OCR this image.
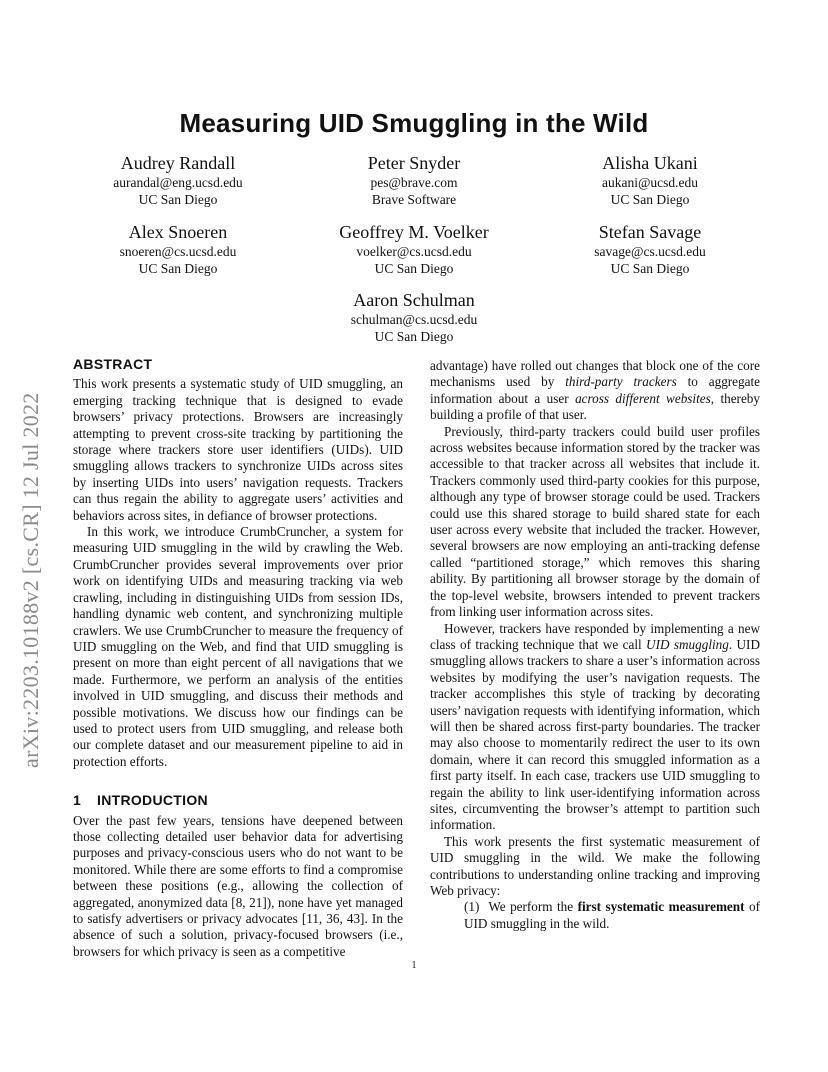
Measuring UID Smuggling in the Wild
Audrey Randall
aurandal@eng.ucsd.edu
UC San Diego
Peter Snyder
pes@brave.com
Brave Software
Alisha Ukani
aukani@ucsd.edu
UC San Diego
Alex Snoeren
snoeren@cs.ucsd.edu
UC San Diego
Geoffrey M. Voelker
voelker@cs.ucsd.edu
UC San Diego
Stefan Savage
savage@cs.ucsd.edu
UC San Diego
Aaron Schulman
schulman@cs.ucsd.edu
UC San Diego
arXiv:2203.10188v2 [cs.CR] 12 Jul 2022
ABSTRACT

This work presents a systematic study of UID smuggling, an emerging tracking technique that is designed to evade browsers’ privacy protections. Browsers are increasingly attempting to prevent cross-site tracking by partitioning the storage where trackers store user identifiers (UIDs). UID smuggling allows trackers to synchronize UIDs across sites by inserting UIDs into users’ navigation requests. Trackers can thus regain the ability to aggregate users’ activities and behaviors across sites, in defiance of browser protections.

In this work, we introduce CrumbCruncher, a system for measuring UID smuggling in the wild by crawling the Web. CrumbCruncher provides several improvements over prior work on identifying UIDs and measuring tracking via web crawling, including in distinguishing UIDs from session IDs, handling dynamic web content, and synchronizing multiple crawlers. We use CrumbCruncher to measure the frequency of UID smuggling on the Web, and find that UID smuggling is present on more than eight percent of all navigations that we made. Furthermore, we perform an analysis of the entities involved in UID smuggling, and discuss their methods and possible motivations. We discuss how our findings can be used to protect users from UID smuggling, and release both our complete dataset and our measurement pipeline to aid in protection efforts.

1 INTRODUCTION

Over the past few years, tensions have deepened between those collecting detailed user behavior data for advertising purposes and privacy-conscious users who do not want to be monitored. While there are some efforts to find a compromise between these positions (e.g., allowing the collection of aggregated, anonymized data [8, 21]), none have yet managed to satisfy advertisers or privacy advocates [11, 36, 43]. In the absence of such a solution, privacy-focused browsers (i.e., browsers for which privacy is seen as a competitive

advantage) have rolled out changes that block one of the core mechanisms used by third-party trackers to aggregate information about a user across different websites, thereby building a profile of that user.

Previously, third-party trackers could build user profiles across websites because information stored by the tracker was accessible to that tracker across all websites that include it. Trackers commonly used third-party cookies for this purpose, although any type of browser storage could be used. Trackers could use this shared storage to build shared state for each user across every website that included the tracker. However, several browsers are now employing an anti-tracking defense called “partitioned storage,” which removes this sharing ability. By partitioning all browser storage by the domain of the top-level website, browsers intended to prevent trackers from linking user information across sites.

However, trackers have responded by implementing a new class of tracking technique that we call UID smuggling. UID smuggling allows trackers to share a user’s information across websites by modifying the user’s navigation requests. The tracker accomplishes this style of tracking by decorating users’ navigation requests with identifying information, which will then be shared across first-party boundaries. The tracker may also choose to momentarily redirect the user to its own domain, where it can record this smuggled information as a first party itself. In each case, trackers use UID smuggling to regain the ability to link user-identifying information across sites, circumventing the browser’s attempt to partition such information.

This work presents the first systematic measurement of UID smuggling in the wild. We make the following contributions to understanding online tracking and improving Web privacy:

(1) We perform the first systematic measurement of UID smuggling in the wild.

1
